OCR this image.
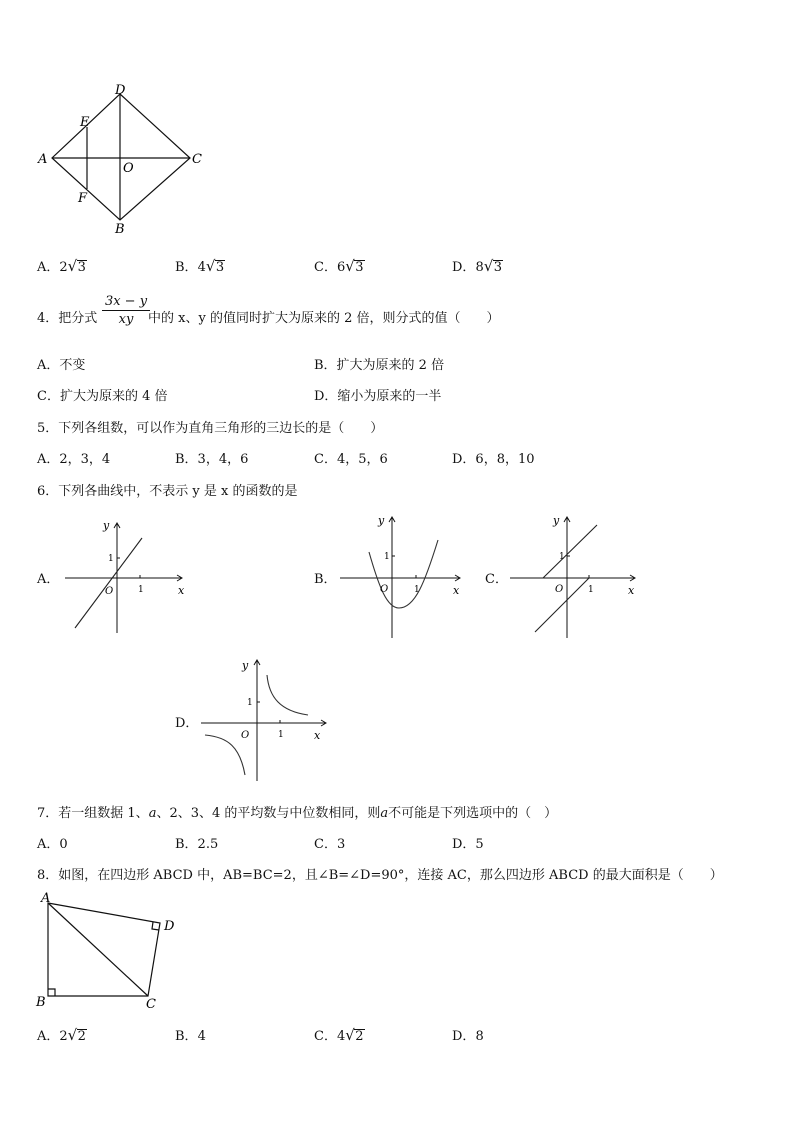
D
E
A
O
C
F
B
A．2 √ 3	B．4 √ 3	C．6 √ 3	D．8 √ 3
4．把分式 $\frac{3x - y}{xy}$
中的 x、y 的值同时扩大为原来的 2 倍，则分式的值（　　）
A．不变	B．扩大为原来的 2 倍
C．扩大为原来的 4 倍	D．缩小为原来的一半
5．下列各组数，可以作为直角三角形的三边长的是（　　）
A．2，3，4	B．3，4，6	C．4，5，6	D．6，8，10
6．下列各曲线中，不表示 y 是 x 的函数的是
A．
y
1
O	1	x
B．
y
1
O	1	x
C．
y
1
O	1	x
D．
y
1
O	1	x
7．若一组数据 1、a、2、3、4 的平均数与中位数相同，则a不可能是下列选项中的（　）
A．0	B．2.5	C．3	D．5
8．如图，在四边形 ABCD 中，AB=BC=2，且∠B=∠D=90°，连接 AC，那么四边形 ABCD 的最大面积是（　　）
A
D
B	C
A．2 √ 2	B．4	C．4 √ 2	D．8
